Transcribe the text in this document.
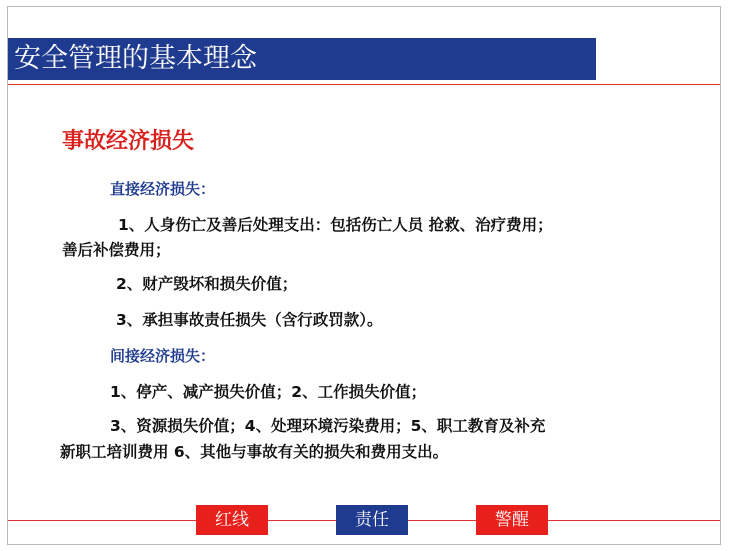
安全管理的基本理念
事故经济损失
直接经济损失：
1、人身伤亡及善后处理支出：包括伤亡人员 抢救、治疗费用；
善后补偿费用；
2、财产毁坏和损失价值；
3、承担事故责任损失（含行政罚款）。
间接经济损失：
1、停产、减产损失价值；2、工作损失价值；
3、资源损失价值；4、处理环境污染费用；5、职工教育及补充
新职工培训费用 6、其他与事故有关的损失和费用支出。
红线	责任	警醒
